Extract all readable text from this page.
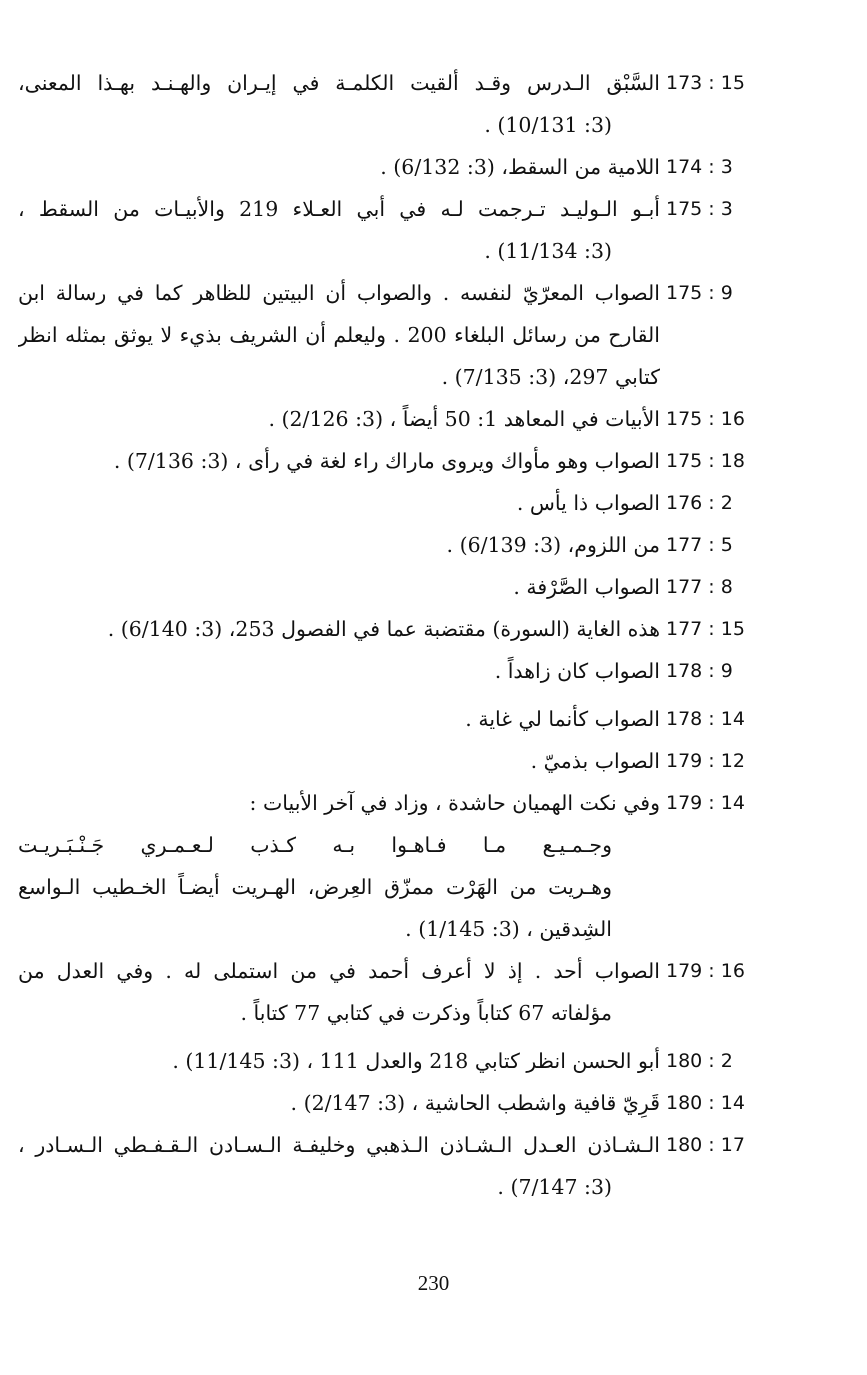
173 : 15
السَّبْق الـدرس وقـد ألقيت الكلمـة في إيـران والهـنـد بهـذا المعنى،
(3: 10/131) .
174 : 3
اللامية من السقط، (3: 6/132) .
175 : 3
أبـو الـوليـد تـرجمت لـه في أبي العـلاء 219 والأبيـات من السقط ،
(3: 11/134) .
175 : 9
الصواب المعرّيّ لنفسه . والصواب أن البيتين للظاهر كما في رسالة ابن
القارح من رسائل البلغاء 200 . وليعلم أن الشريف بذيء لا يوثق بمثله انظر
كتابي 297، (3: 7/135) .
175 : 16
الأبيات في المعاهد 1: 50 أيضاً ، (3: 2/126) .
175 : 18
الصواب وهو مأواك ويروى ماراك راء لغة في رأى ، (3: 7/136) .
176 : 2
الصواب ذا يأس .
177 : 5
من اللزوم، (3: 6/139) .
177 : 8
الصواب الصَّرْفة .
177 : 15
هذه الغاية (السورة) مقتضبة عما في الفصول 253، (3: 6/140) .
178 : 9
الصواب كان زاهداً .
178 : 14
الصواب كأنما لي غاية .
179 : 12
الصواب بذميّ .
179 : 14
وفي نكت الهميان حاشدة ، وزاد في آخر الأبيات :
وجـمـيـع مـا فـاهـوا بـه كـذب لـعـمـري جَـنْـبَـريـت
وهـريت من الهَرْت ممزّق العِرض، الهـريت أيضـاً الخـطيب الـواسع
الشِدقين ، (3: 1/145) .
179 : 16
الصواب أحد . إذ لا أعرف أحمد في من استملى له . وفي العدل من
مؤلفاته 67 كتاباً وذكرت في كتابي 77 كتاباً .
180 : 2
أبو الحسن انظر كتابي 218 والعدل 111 ، (3: 11/145) .
180 : 14
قَرِيّ قافية واشطب الحاشية ، (3: 2/147) .
180 : 17
الـشـاذن العـدل الـشـاذن الـذهبي وخليفـة الـسـادن الـقـفـطي الـسـادر ،
(3: 7/147) .
230
